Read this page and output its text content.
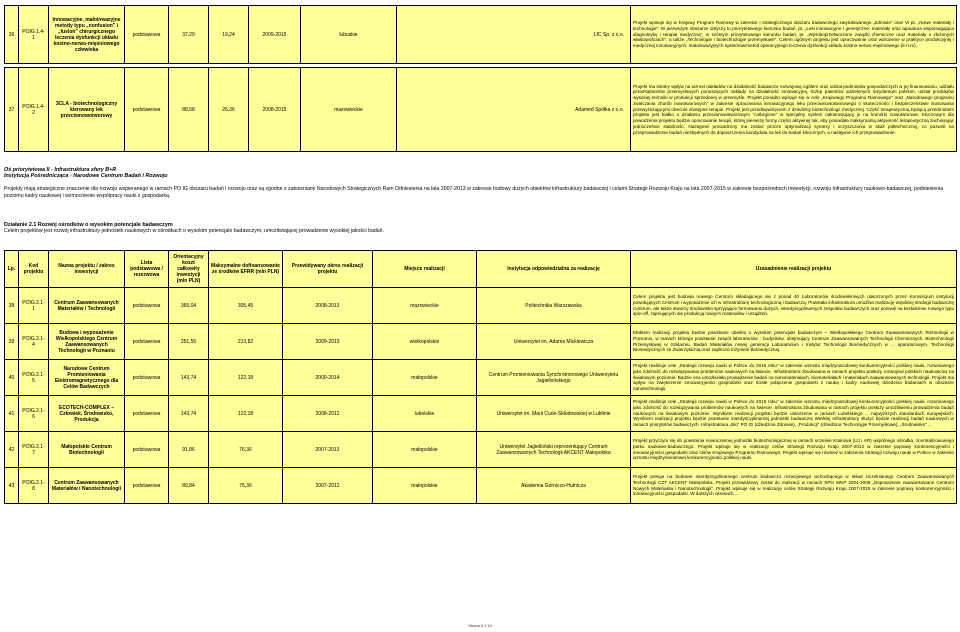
36	POIG.1.4-1	Innowacyjne, małoinwazyjne metody typu „nonfusion" i „fusion" chirurgicznego leczenia dysfunkcji układu kostno-nerwo-mięśniowego człowieka	podstawowa	37,29	19,24	2009-2015	lubuskie	LfC Sp. z o.o.	Projekt wpisuje się w Krajowy Program Ramowy w zakresie I strategicznego obszaru badawczego zatytułowanego „Zdrowie" oraz VI pt. „Nowe materiały i technologie". W pierwszym obszarze dotyczy to priorytetowego kierunku badań, pt. „Leki innowacyjne i genetyczne; materiały oraz aparatura wspomagająca diagnostykę i terapię medyczną", w szóstym priorytetowego kierunku badań, pt. „Wysokoprzetworzone związki chemiczne oraz materiały o złożonych właściwościach", a także „Technologie i biotechnologie przemysłowe". Celem ogólnym projektu jest opracowanie oraz wdrożenie w praktyce produkcyjnej i medycznej innowacyjnych, małoinwazyjnych systemów/metod operacyjnego leczenia dysfunkcji układu kostno-nerwo-mięśniowego (k-n-m).
37	POIG.1.4-2	3CLA - biotechnologiczny kierowany lek przeciwnowotworowy	podstawowa	88,68	26,36	2008-2015	mazowieckie	Adamed Spółka z o.o.	Projekt ma istotny wpływ na wzrost nakładów na działalność badawczo rozwojową ogółem oraz udział podmiotów gospodarczych w jej finansowaniu, udziału przedsiębiorstw przemysłowych ponoszących nakłady na działalność innowacyjną, liczbę patentów udzielonych rezydentom polskim, udział produktów wysokiej techniki w produkcji sprzedanej w przemyśle. Projekt ponadto wpisuje się w cele „Krajowego Programu Ramowego" oraz „Narodowego programu zwalczania chorób nowotworowych" w zakresie opracowania innowacyjnego leku przeciwnowotworowego o skuteczności i bezpieczeństwie stosowania przewyższającymi obecnie dostępne terapie. Projekt jest przedsięwzięciem z dziedziny biotechnologii medycznej. Część terapeutyczną będącą przedmiotem projektu jest białko o działaniu przeciwnowotworowym "cutbrgione" w specjalny system nakierowujący je na komórki nowotworowe. Kluczowym dla powodzenia projektu będzie opracowanie terapii, której pierwszy formy części aktywnej tak, aby posiadała maksymalną aktywność terapeutyczną zachowując jednocześnie stabilność. Następnie prowadzony ma zostać proces optymalizacji syntezy i oczyszczania w skali półtechnicznej, co pozwoli na przeprowadzenie badań niezbędnych do dopuszczenia kandydata na lek do badań klinicznych, a następnie ich przeprowadzenie.
Oś priorytetowa II - Infrastruktura sfery B+R
Instytucja Pośrednicząca - Narodowe Centrum Badań i Rozwoju
Projekty mają strategiczne znaczenie dla rozwoju wspieranego w ramach PO IG obszaru badań i rozwoju oraz są zgodne z założeniami Narodowych Strategicznych Ram Odniesienia na lata 2007-2013 w zakresie budowy dużych obiektów infrastruktury badawczej i celami Strategii Rozwoju Kraju na lata 2007-2015 w zakresie bezpośrednich inwestycji, rozwoju infrastruktury naukowo-badawczej, podniesienia poziomu kadry naukowej i wzmocnienie współpracy nauki z gospodarką.
Działanie 2.1 Rozwój ośrodków o wysokim potencjale badawczym
Celem projektów jest rozwój infrastruktury jednostek naukowych w ośrodkach o wysokim potencjale badawczym, umożliwiającej prowadzenie wysokiej jakości badań.
Lp.	Kod projektu	Nazwa projektu / zakres inwestycji	Lista podstawowa / rezerwowa	Orientacyjny koszt całkowity inwestycji (mln PLN)	Maksymalne dofinansowanie ze środków EFRR (mln PLN)	Przewidywany okres realizacji projektu	Miejsce realizacji	Instytucja odpowiedzialna za realizację	Uzasadnienie realizacji projektu
38	POIG.2.1-1	Centrum Zaawansowanych Materiałów i Technologii	podstawowa	365,04	305,45	2008-2013	mazowieckie	Politechnika Warszawska	Celem projektu jest budowa nowego Centrum składającego się z ponad 40 Laboratoriów środowiskowych utworzonych przez Konsorcjum instytucji powołujących Centrum i wyposażenie ich w infrastrukturę technologiczną i badawczą. Powstała infrastruktura umożliwi realizację wspólnej strategii badawczej Centrum, ale także stworzy środowisko sprzyjające formowaniu dużych, interdyscyplinarnych zespołów badawczych oraz pozwoli na kształcenie nowego typu spin-off, zajmujących się produkcją nowych materiałów i urządzeń.
39	POIG.2.1-4	Budowa i wyposażenie Wielkopolskiego Centrum Zaawansowanych Technologii w Poznaniu	podstawowa	251,55	213,82	2009-2013	wielkopolskie	Uniwersytet im. Adama Mickiewicza	Efektem realizacji projektu będzie powstanie obiektu o wysokim potencjale badawczym – Wielkopolskiego Centrum Zaawansowanych Technologii w Poznaniu, w ramach którego powstanie zespół laboratoriów - budynków, obejmujący Centrum Zaawansowanych Technologii Chemicznych, Biotechnologii Przemysłowej w Szklarniu, Badań Materiałów nowej generacji Laboratorium i Instytut Technologii Biomedycznych w ... aparaturowym, Technologii Biomedycznych ze Zwierzętarnią oraz zaplecze Inżynierii Biomedycznej.
40	POIG.2.1-5	Narodowe Centrum Promieniowania Elektromagnetycznego dla Celów Badawczych	podstawowa	143,74	122,18	2009-2014	małopolskie	Centrum Promieniowania Synchrotronowego Uniwersytetu Jagiellońskiego	Projekt realizuje cele „Strategii rozwoju nauki w Polsce do 2015 roku" w zakresie wzrostu międzynarodowej konkurencyjności polskiej nauki, rozumianego jako zdolność do rozwiązywania problemów naukowych na świecie. Infrastruktura zbudowana w ramach projektu posłuży rozwojowi polskich naukowców na światowym poziomie. Będzie ona umożliwiała prowadzenie badań na nanomateriałach, biomateriałach i materiałach zaawansowanych technologii. Projekt ma wpływ na zwiększenie innowacyjności gospodarki oraz ścisłe połączenie gospodarki z nauką i kadry naukowej dziedzina badaniach w obszarze nanotechnologii.
41	POIG.2.1-6	ECOTECH-COMPLEX – Człowiek, Środowisko, Produkcja	podstawowa	143,74	122,18	2008-2012	lubelskie	Uniwersytet im. Marii Curie-Skłodowskiej w Lublinie	Projekt realizuje cele „Strategii rozwoju nauki w Polsce do 2015 roku" w zakresie wzrostu międzynarodowej konkurencyjności polskiej nauki, rozumianego jako zdolność do rozwiązywania problemów naukowych na świecie. Infrastruktura zbudowana w ramach projektu posłuży umożliwieniu prowadzenia badań naukowych na światowym poziomie. Wynikiem realizacji projektu będzie utworzenie w ramach Lubelskiego ... najwyższych standardach europejskich. Wynikiem realizacji projektu będzie powstanie interdyscyplinarnej jednostki badawczej Wielkiej Infrastruktury służyć będzie realizacji badań naukowych w ramach priorytetów badawczych. Infrastruktura „Bio" PO IG (dziedzina Zdrowie), „Produkcji" (dziedzina Technologie Przemysłowe), „Środowisko" ...
42	POIG.2.1-7	Małopolskie Centrum Biotechnologii	podstawowa	91,86	76,36	2007-2013	małopolskie	Uniwersytet Jagielloński reprezentujący Centrum Zaawansowanych Technologii AKCENT Małopolska	Projekt przyczyni się do powstania nowoczesnej jednostki biotechnologicznej w ramach uczelnie Krakowa (UJ i AR) wspólnego ośrodka, zcentralizowanego parku naukowo-badawczego. Projekt wpisuje się w realizację celów Strategii Rozwoju Kraju 2007-2013 w zakresie poprawy konkurencyjności i innowacyjności gospodarki oraz celów Krajowego Programu Ramowego. Projekt wpisuje się również w założenia Strategii rozwoju nauki w Polsce w zakresie wzrostu międzynarodowej konkurencyjności polskiej nauki.
43	POIG.2.1-8	Centrum Zaawansowanych Materiałów i Nanotechnologii	podstawowa	89,84	76,36	2007-2012	małopolskie	Akademia Górniczo-Hutnicza	Projekt polega na budowie interdyscyplinarnego centrum badawczo rozwojowego wchodzącego w skład Uczelnianego Centrum Zaawansowanych Technologii CZT AKCENT Małopolska. Projekt przewidziany został do realizacji w ramach SPO WKP 2004-2006 „Doposażenie zaawansowane Centrum Nowych Materiałów i Nanotechnologii". Projekt wpisuje się w realizację celów Strategii Rozwoju Kraju 2007-2015 w zakresie poprawy konkurencyjności i innowacyjności gospodarki. W dalszych okresach ...
Strona 5 z 14
